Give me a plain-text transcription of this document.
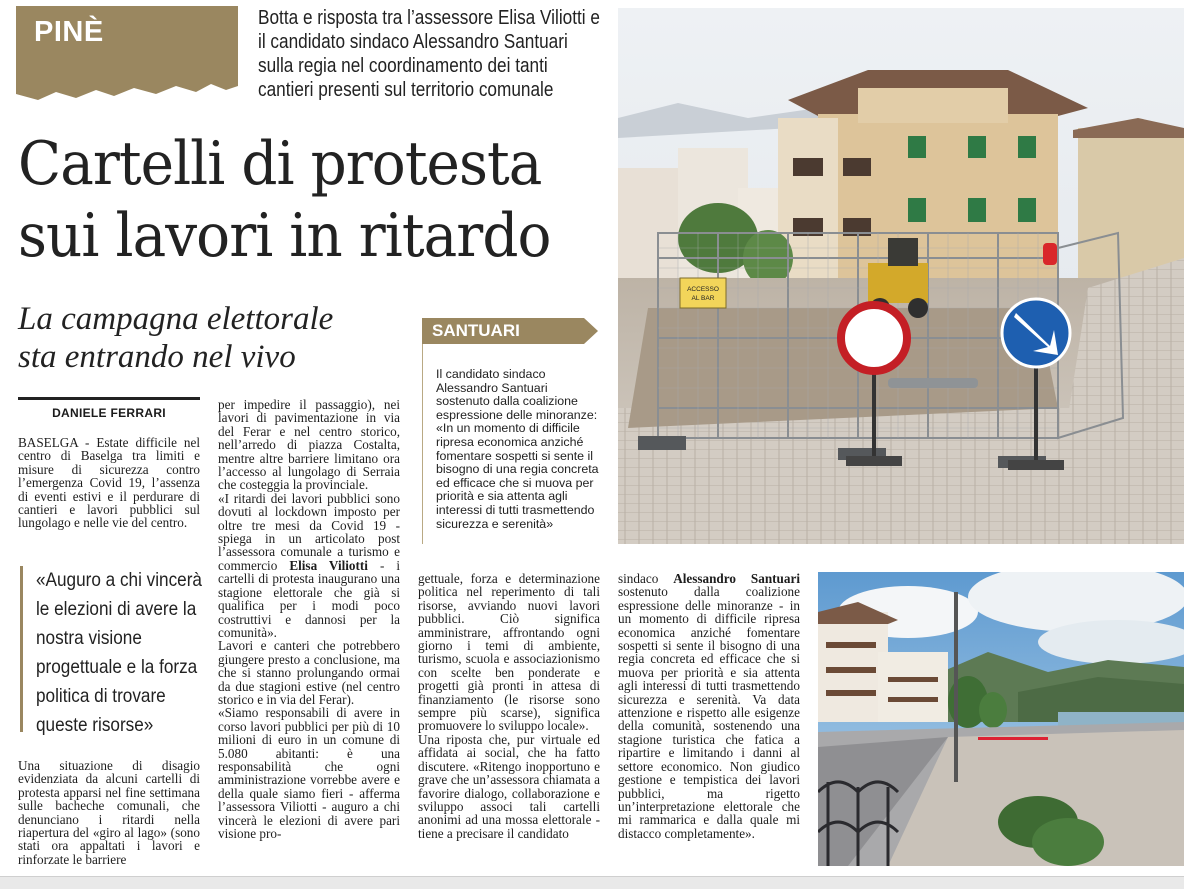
PINÈ	Botta e risposta tra l’assessore Elisa Viliotti e il candidato sindaco Alessandro Santuari sulla regia nel coordinamento dei tanti cantieri presenti sul territorio comunale
Cartelli di protesta
sui lavori in ritardo
La campagna elettorale
sta entrando nel vivo
DANIELE FERRARI

BASELGA - Estate difficile nel centro di Baselga tra limiti e misure di sicurezza contro l’emergenza Covid 19, l’assenza di eventi estivi e il perdurare di cantieri e lavori pubblici sul lungolago e nelle vie del centro.

«Auguro a chi vincerà le elezioni di avere la nostra visione progettuale e la forza politica di trovare queste risorse»

Una situazione di disagio evidenziata da alcuni cartelli di protesta apparsi nel fine settimana sulle bacheche comunali, che denunciano i ritardi nella riapertura del «giro al lago» (sono stati ora appaltati i lavori e rinforzate le barriere

per impedire il passaggio), nei lavori di pavimentazione in via del Ferar e nel centro storico, nell’arredo di piazza Costalta, mentre altre barriere limitano ora l’accesso al lungolago di Serraia che costeggia la provinciale.

«I ritardi dei lavori pubblici sono dovuti al lockdown imposto per oltre tre mesi da Covid 19 - spiega in un articolato post l’assessora comunale a turismo e commercio Elisa Viliotti - i cartelli di protesta inaugurano una stagione elettorale che già si qualifica per i modi poco costruttivi e dannosi per la comunità».

Lavori e canteri che potrebbero giungere presto a conclusione, ma che si stanno prolungando ormai da due stagioni estive (nel centro storico e in via del Ferar).

«Siamo responsabili di avere in corso lavori pubblici per più di 10 milioni di euro in un comune di 5.080 abitanti: è una responsabilità che ogni amministrazione vorrebbe avere e della quale siamo fieri - afferma l’assessora Viliotti - auguro a chi vincerà le elezioni di avere pari visione pro-

SANTUARI
Il candidato sindaco Alessandro Santuari sostenuto dalla coalizione espressione delle minoranze: «In un momento di difficile ripresa economica anziché fomentare sospetti si sente il bisogno di una regia concreta ed efficace che si muova per priorità e sia attenta agli interessi di tutti trasmettendo sicurezza e serenità»

gettuale, forza e determinazione politica nel reperimento di tali risorse, avviando nuovi lavori pubblici. Ciò significa amministrare, affrontando ogni giorno i temi di ambiente, turismo, scuola e associazionismo con scelte ben ponderate e progetti già pronti in attesa di finanziamento (le risorse sono sempre più scarse), significa promuovere lo sviluppo locale».

Una riposta che, pur virtuale ed affidata ai social, che ha fatto discutere. «Ritengo inopportuno e grave che un’assessora chiamata a favorire dialogo, collaborazione e sviluppo associ tali cartelli anonimi ad una mossa elettorale - tiene a precisare il candidato

sindaco Alessandro Santuari sostenuto dalla coalizione espressione delle minoranze - in un momento di difficile ripresa economica anziché fomentare sospetti si sente il bisogno di una regia concreta ed efficace che si muova per priorità e sia attenta agli interessi di tutti trasmettendo sicurezza e serenità. Va data attenzione e rispetto alle esigenze della comunità, sostenendo una stagione turistica che fatica a ripartire e limitando i danni al settore economico. Non giudico gestione e tempistica dei lavori pubblici, ma rigetto un’interpretazione elettorale che mi rammarica e dalla quale mi distacco completamente».

ACCESSO
AL BAR
